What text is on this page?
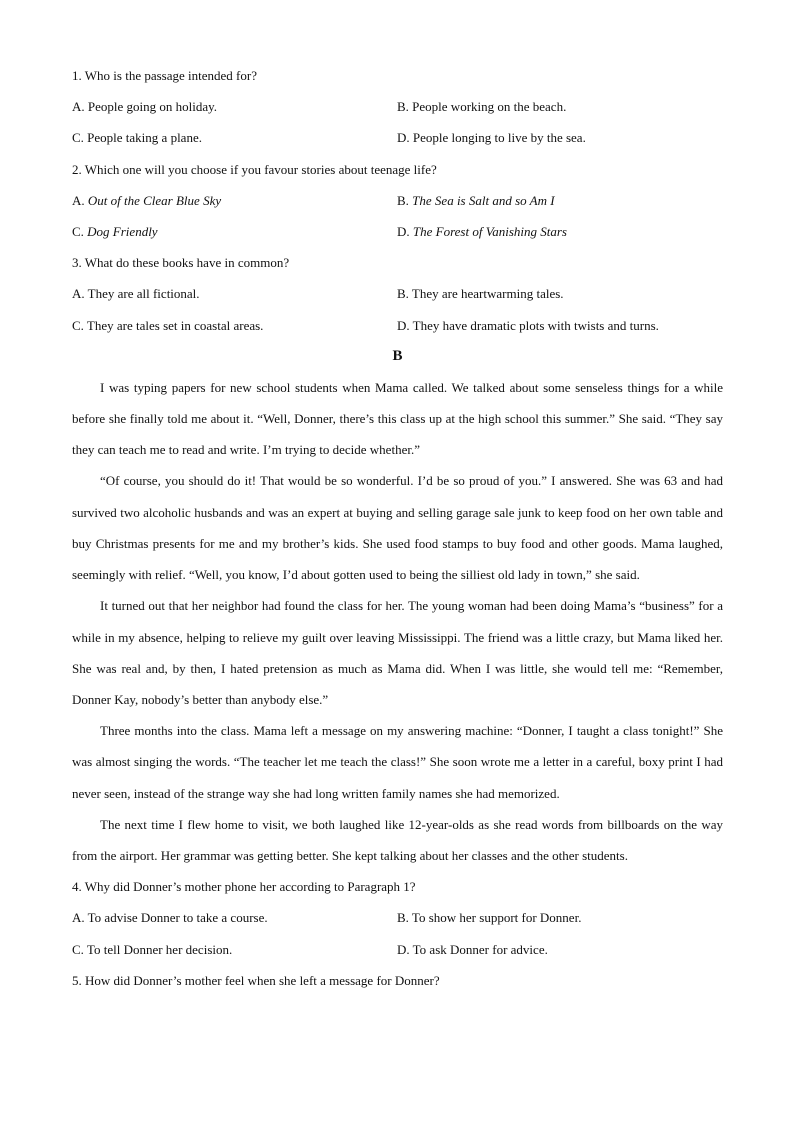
1. Who is the passage intended for?
A. People going on holiday.	B. People working on the beach.
C. People taking a plane.	D. People longing to live by the sea.
2. Which one will you choose if you favour stories about teenage life?
A. Out of the Clear Blue Sky	B. The Sea is Salt and so Am I
C. Dog Friendly	D. The Forest of Vanishing Stars
3. What do these books have in common?
A. They are all fictional.	B. They are heartwarming tales.
C. They are tales set in coastal areas.	D. They have dramatic plots with twists and turns.
B

I was typing papers for new school students when Mama called. We talked about some senseless things for a while before she finally told me about it. “Well, Donner, there’s this class up at the high school this summer.” She said. “They say they can teach me to read and write. I’m trying to decide whether.”

“Of course, you should do it! That would be so wonderful. I’d be so proud of you.” I answered. She was 63 and had survived two alcoholic husbands and was an expert at buying and selling garage sale junk to keep food on her own table and buy Christmas presents for me and my brother’s kids. She used food stamps to buy food and other goods. Mama laughed, seemingly with relief. “Well, you know, I’d about gotten used to being the silliest old lady in town,” she said.

It turned out that her neighbor had found the class for her. The young woman had been doing Mama’s “business” for a while in my absence, helping to relieve my guilt over leaving Mississippi. The friend was a little crazy, but Mama liked her. She was real and, by then, I hated pretension as much as Mama did. When I was little, she would tell me: “Remember, Donner Kay, nobody’s better than anybody else.”

Three months into the class. Mama left a message on my answering machine: “Donner, I taught a class tonight!” She was almost singing the words. “The teacher let me teach the class!” She soon wrote me a letter in a careful, boxy print I had never seen, instead of the strange way she had long written family names she had memorized.

The next time I flew home to visit, we both laughed like 12-year-olds as she read words from billboards on the way from the airport. Her grammar was getting better. She kept talking about her classes and the other students.

4. Why did Donner’s mother phone her according to Paragraph 1?
A. To advise Donner to take a course.	B. To show her support for Donner.
C. To tell Donner her decision.	D. To ask Donner for advice.
5. How did Donner’s mother feel when she left a message for Donner?
